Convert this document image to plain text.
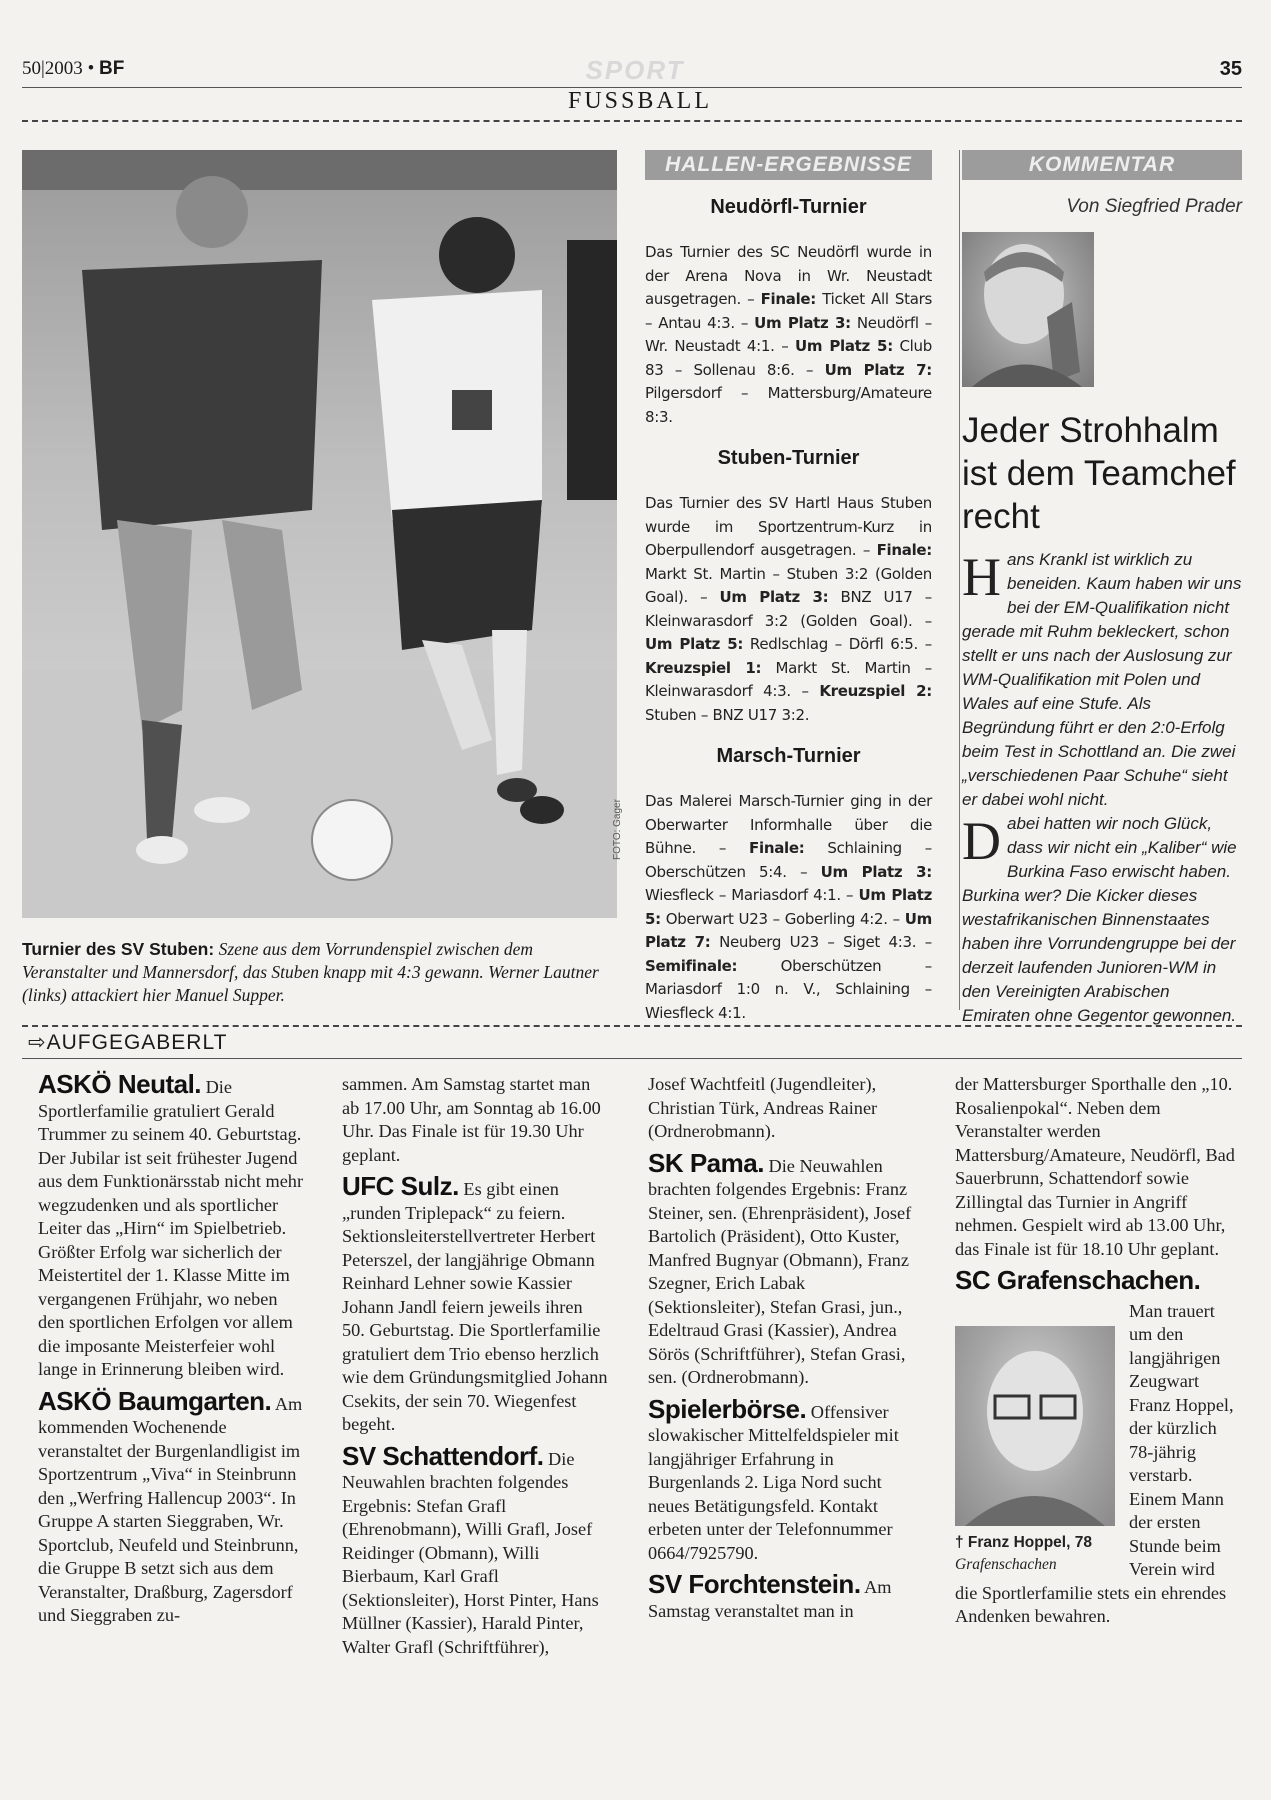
50|2003 • BF	SPORT	35
FUSSBALL
FOTO: Gager
Turnier des SV Stuben: Szene aus dem Vorrundenspiel zwischen dem Veranstalter und Mannersdorf, das Stuben knapp mit 4:3 gewann. Werner Lautner (links) attackiert hier Manuel Supper.
HALLEN-ERGEBNISSE
Neudörfl-Turnier

Das Turnier des SC Neudörfl wurde in der Arena Nova in Wr. Neustadt ausgetragen. – Finale: Ticket All Stars – Antau 4:3. – Um Platz 3: Neudörfl – Wr. Neustadt 4:1. – Um Platz 5: Club 83 – Sollenau 8:6. – Um Platz 7: Pilgersdorf – Mattersburg/Amateure 8:3.

Stuben-Turnier

Das Turnier des SV Hartl Haus Stuben wurde im Sportzentrum-Kurz in Oberpullendorf ausgetragen. – Finale: Markt St. Martin – Stuben 3:2 (Golden Goal). – Um Platz 3: BNZ U17 – Kleinwarasdorf 3:2 (Golden Goal). – Um Platz 5: Redlschlag – Dörfl 6:5. – Kreuzspiel 1: Markt St. Martin – Kleinwarasdorf 4:3. – Kreuzspiel 2: Stuben – BNZ U17 3:2.

Marsch-Turnier

Das Malerei Marsch-Turnier ging in der Oberwarter Informhalle über die Bühne. – Finale: Schlaining – Oberschützen 5:4. – Um Platz 3: Wiesfleck – Mariasdorf 4:1. – Um Platz 5: Oberwart U23 – Goberling 4:2. – Um Platz 7: Neuberg U23 – Siget 4:3. – Semifinale: Oberschützen – Mariasdorf 1:0 n. V., Schlaining – Wiesfleck 4:1.

KOMMENTAR
Von Siegfried Prader
Jeder Strohhalm ist dem Teamchef recht

Hans Krankl ist wirklich zu beneiden. Kaum haben wir uns bei der EM-Qualifikation nicht gerade mit Ruhm bekleckert, schon stellt er uns nach der Auslosung zur WM-Qualifikation mit Polen und Wales auf eine Stufe. Als Begründung führt er den 2:0-Erfolg beim Test in Schottland an. Die zwei „verschiedenen Paar Schuhe“ sieht er dabei wohl nicht.

Dabei hatten wir noch Glück, dass wir nicht ein „Kaliber“ wie Burkina Faso erwischt haben. Burkina wer? Die Kicker dieses westafrikanischen Binnenstaates haben ihre Vorrundengruppe bei der derzeit laufenden Junioren-WM in den Vereinigten Arabischen Emiraten ohne Gegentor gewonnen.

⇨AUFGEGABERLT

ASKÖ Neutal. Die Sportlerfamilie gratuliert Gerald Trummer zu seinem 40. Geburtstag. Der Jubilar ist seit frühester Jugend aus dem Funktionärsstab nicht mehr wegzudenken und als sportlicher Leiter das „Hirn“ im Spielbetrieb. Größter Erfolg war sicherlich der Meistertitel der 1. Klasse Mitte im vergangenen Frühjahr, wo neben den sportlichen Erfolgen vor allem die imposante Meisterfeier wohl lange in Erinnerung bleiben wird.

ASKÖ Baumgarten. Am kommenden Wochenende veranstaltet der Burgenlandligist im Sportzentrum „Viva“ in Steinbrunn den „Werfring Hallencup 2003“. In Gruppe A starten Sieggraben, Wr. Sportclub, Neufeld und Steinbrunn, die Gruppe B setzt sich aus dem Veranstalter, Draßburg, Zagersdorf und Sieggraben zu-

sammen. Am Samstag startet man ab 17.00 Uhr, am Sonntag ab 16.00 Uhr. Das Finale ist für 19.30 Uhr geplant.

UFC Sulz. Es gibt einen „runden Triplepack“ zu feiern. Sektionsleiterstellvertreter Herbert Peterszel, der langjährige Obmann Reinhard Lehner sowie Kassier Johann Jandl feiern jeweils ihren 50. Geburtstag. Die Sportlerfamilie gratuliert dem Trio ebenso herzlich wie dem Gründungsmitglied Johann Csekits, der sein 70. Wiegenfest begeht.

SV Schattendorf. Die Neuwahlen brachten folgendes Ergebnis: Stefan Grafl (Ehrenobmann), Willi Grafl, Josef Reidinger (Obmann), Willi Bierbaum, Karl Grafl (Sektionsleiter), Horst Pinter, Hans Müllner (Kassier), Harald Pinter, Walter Grafl (Schriftführer),

Josef Wachtfeitl (Jugendleiter), Christian Türk, Andreas Rainer (Ordnerobmann).

SK Pama. Die Neuwahlen brachten folgendes Ergebnis: Franz Steiner, sen. (Ehrenpräsident), Josef Bartolich (Präsident), Otto Kuster, Manfred Bugnyar (Obmann), Franz Szegner, Erich Labak (Sektionsleiter), Stefan Grasi, jun., Edeltraud Grasi (Kassier), Andrea Sörös (Schriftführer), Stefan Grasi, sen. (Ordnerobmann).

Spielerbörse. Offensiver slowakischer Mittelfeldspieler mit langjähriger Erfahrung in Burgenlands 2. Liga Nord sucht neues Betätigungsfeld. Kontakt erbeten unter der Telefonnummer 0664/7925790.

SV Forchtenstein. Am Samstag veranstaltet man in

der Mattersburger Sporthalle den „10. Rosalienpokal“. Neben dem Veranstalter werden Mattersburg/Amateure, Neudörfl, Bad Sauerbrunn, Schattendorf sowie Zillingtal das Turnier in Angriff nehmen. Gespielt wird ab 13.00 Uhr, das Finale ist für 18.10 Uhr geplant.

SC Grafenschachen.

† Franz Hoppel, 78
Grafenschachen
Man trauert um den langjährigen Zeugwart Franz Hoppel, der kürzlich 78-jährig verstarb. Einem Mann der ersten Stunde beim Verein wird die Sportlerfamilie stets ein ehrendes Andenken bewahren.
